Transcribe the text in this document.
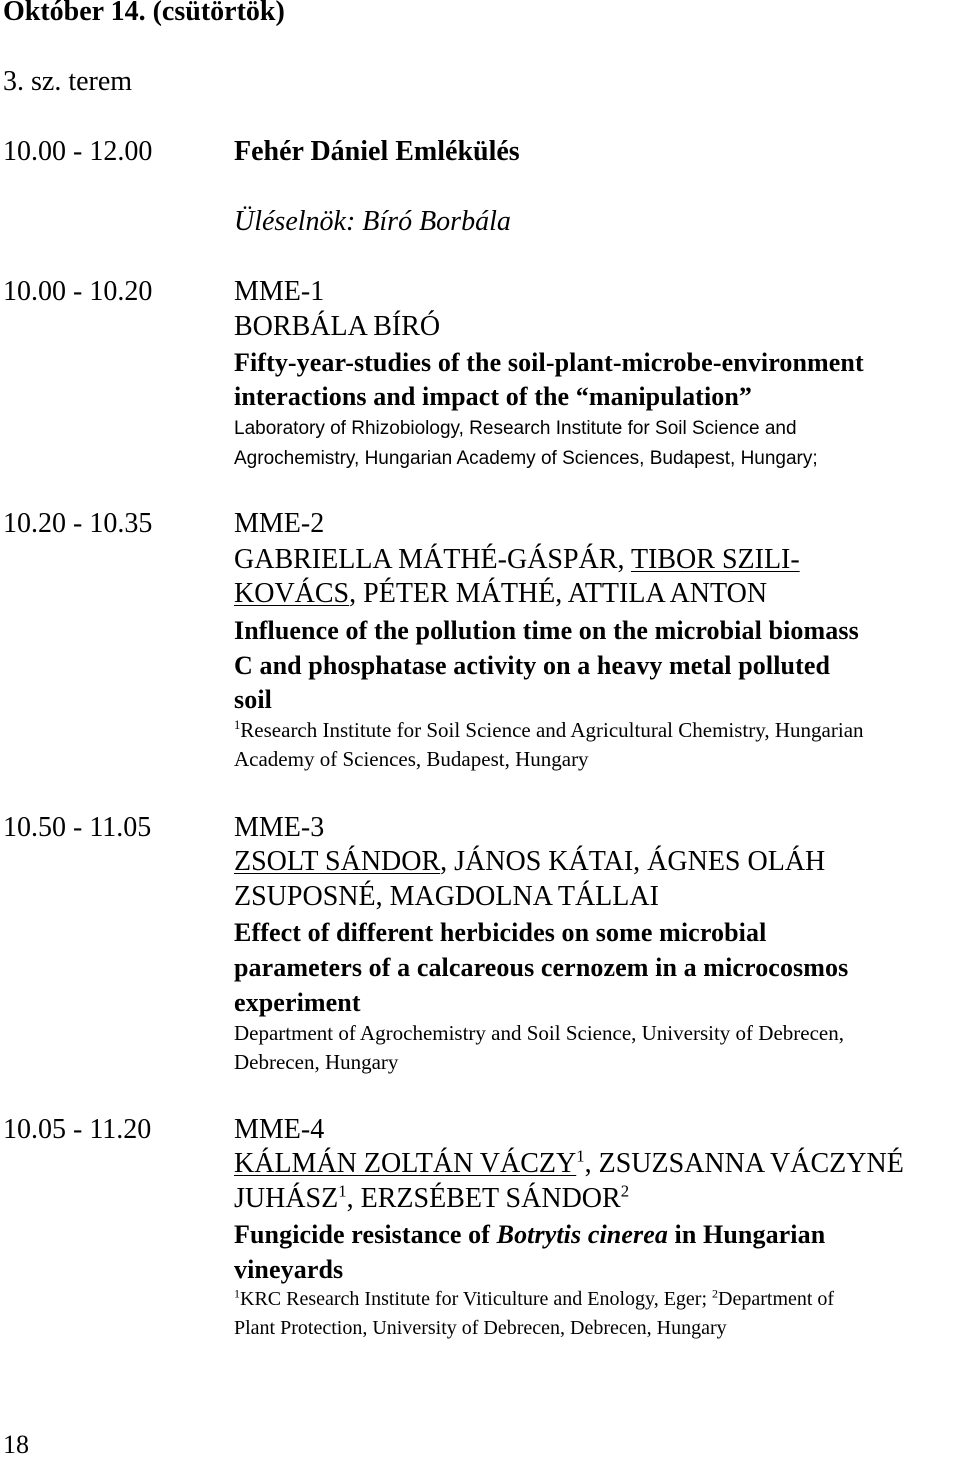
Október 14. (csütörtök)
3. sz. terem
10.00 - 12.00	Fehér Dániel Emlékülés
Üléselnök: Bíró Borbála
10.00 - 10.20	MME-1
BORBÁLA BÍRÓ
Fifty-year-studies of the soil-plant-microbe-environment
interactions and impact of the “manipulation”
Laboratory of Rhizobiology, Research Institute for Soil Science and
Agrochemistry, Hungarian Academy of Sciences, Budapest, Hungary;
10.20 - 10.35	MME-2
GABRIELLA MÁTHÉ-GÁSPÁR, TIBOR SZILI-
KOVÁCS, PÉTER MÁTHÉ, ATTILA ANTON
Influence of the pollution time on the microbial biomass
C and phosphatase activity on a heavy metal polluted
soil
$^1$Research Institute for Soil Science and Agricultural Chemistry, Hungarian
Academy of Sciences, Budapest, Hungary
10.50 - 11.05	MME-3
ZSOLT SÁNDOR, JÁNOS KÁTAI, ÁGNES OLÁH
ZSUPOSNÉ, MAGDOLNA TÁLLAI
Effect of different herbicides on some microbial
parameters of a calcareous cernozem in a microcosmos
experiment
Department of Agrochemistry and Soil Science, University of Debrecen,
Debrecen, Hungary
10.05 - 11.20	MME-4
KÁLMÁN ZOLTÁN VÁCZY$^1$, ZSUZSANNA VÁCZYNÉ
JUHÁSZ$^1$, ERZSÉBET SÁNDOR$^2$
Fungicide resistance of Botrytis cinerea in Hungarian
vineyards
$^1$KRC Research Institute for Viticulture and Enology, Eger; $^2$Department of
Plant Protection, University of Debrecen, Debrecen, Hungary
18
